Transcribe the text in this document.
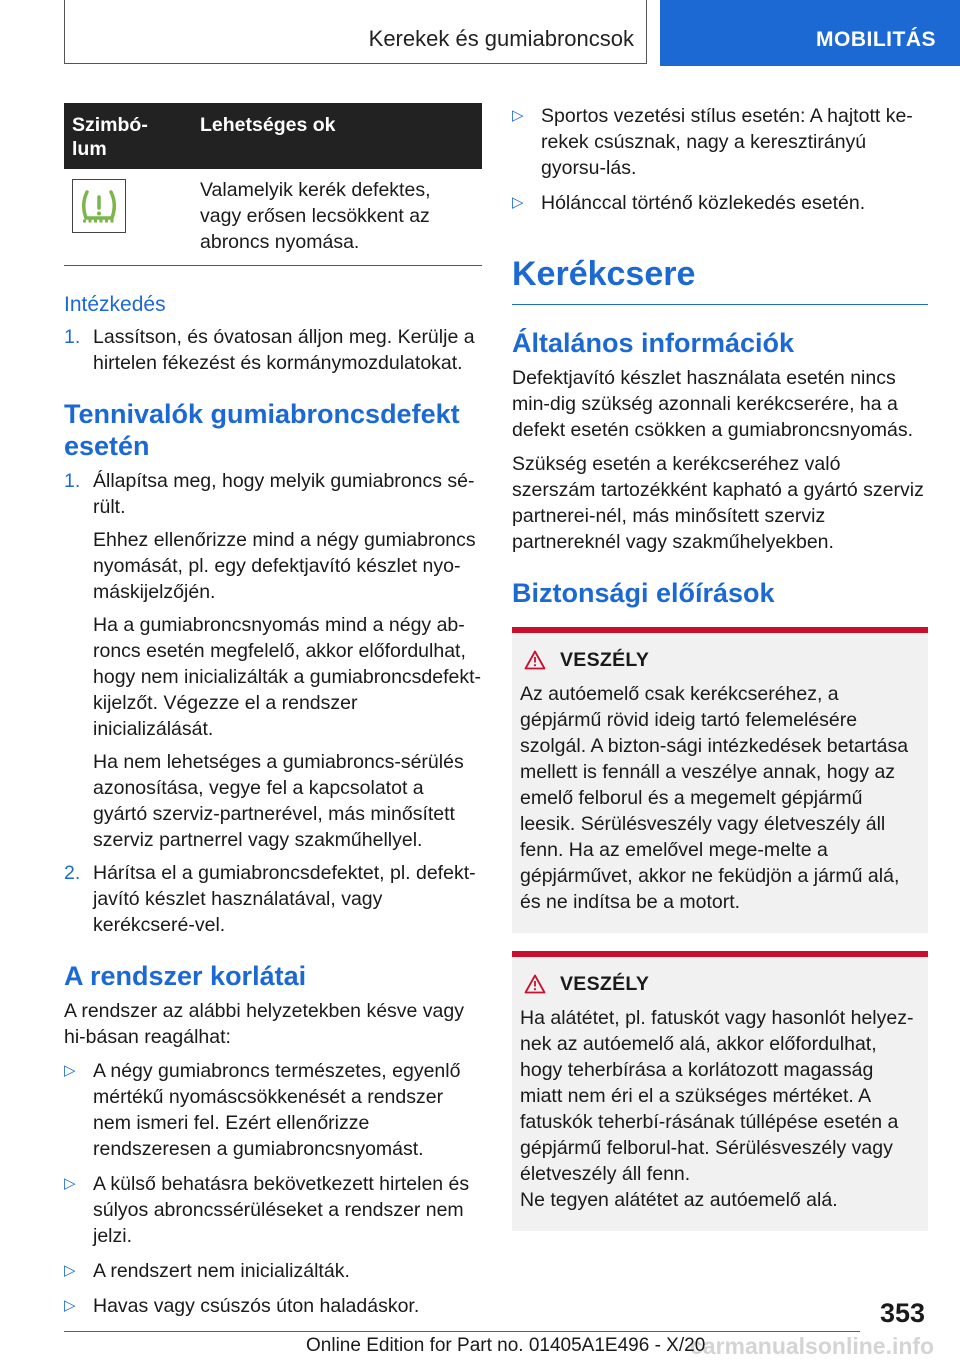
Kerekek és gumiabroncsok	MOBILITÁS
Szimbó-
lum	Lehetséges ok

	Valamelyik kerék defektes, vagy erősen lecsökkent az abroncs nyomása.
Intézkedés
1. Lassítson, és óvatosan álljon meg. Kerülje a hirtelen fékezést és kormánymozdulatokat.
Tennivalók gumiabroncsdefekt esetén
1. Állapítsa meg, hogy melyik gumiabroncs sé-rült.

Ehhez ellenőrizze mind a négy gumiabroncs nyomását, pl. egy defektjavító készlet nyo-máskijelzőjén.

Ha a gumiabroncsnyomás mind a négy ab-roncs esetén megfelelő, akkor előfordulhat, hogy nem inicializálták a gumiabroncsdefekt-kijelzőt. Végezze el a rendszer inicializálását.

Ha nem lehetséges a gumiabroncs-sérülés azonosítása, vegye fel a kapcsolatot a gyártó szerviz-partnerével, más minősített szerviz partnerrel vagy szakműhellyel.

2. Hárítsa el a gumiabroncsdefektet, pl. defekt-javító készlet használatával, vagy kerékcseré-vel.

A rendszer korlátai

A rendszer az alábbi helyzetekben késve vagy hi-básan reagálhat:

▷ A négy gumiabroncs természetes, egyenlő mértékű nyomáscsökkenését a rendszer nem ismeri fel. Ezért ellenőrizze rendszeresen a gumiabroncsnyomást.
▷ A külső behatásra bekövetkezett hirtelen és súlyos abroncssérüléseket a rendszer nem jelzi.
▷ A rendszert nem inicializálták.
▷ Havas vagy csúszós úton haladáskor.
▷ Sportos vezetési stílus esetén: A hajtott ke-rekek csúsznak, nagy a keresztirányú gyorsu-lás.
▷ Hólánccal történő közlekedés esetén.
Kerékcsere
Általános információk

Defektjavító készlet használata esetén nincs min-dig szükség azonnali kerékcserére, ha a defekt esetén csökken a gumiabroncsnyomás.

Szükség esetén a kerékcseréhez való szerszám tartozékként kapható a gyártó szerviz partnerei-nél, más minősített szerviz partnereknél vagy szakműhelyekben.

Biztonsági előírások
VESZÉLY
Az autóemelő csak kerékcseréhez, a gépjármű rövid ideig tartó felemelésére szolgál. A bizton-sági intézkedések betartása mellett is fennáll a veszélye annak, hogy az emelő felborul és a megemelt gépjármű leesik. Sérülésveszély vagy életveszély áll fenn. Ha az emelővel mege-melte a gépjárművet, akkor ne feküdjön a jármű alá, és ne indítsa be a motort.
VESZÉLY
Ha alátétet, pl. fatuskót vagy hasonlót helyez-nek az autóemelő alá, akkor előfordulhat, hogy teherbírása a korlátozott magasság miatt nem éri el a szükséges mértéket. A fatuskók teherbí-rásának túllépése esetén a gépjármű felborul-hat. Sérülésveszély vagy életveszély áll fenn.
Ne tegyen alátétet az autóemelő alá.
353
carmanualsonline.info
Online Edition for Part no. 01405A1E496 - X/20
